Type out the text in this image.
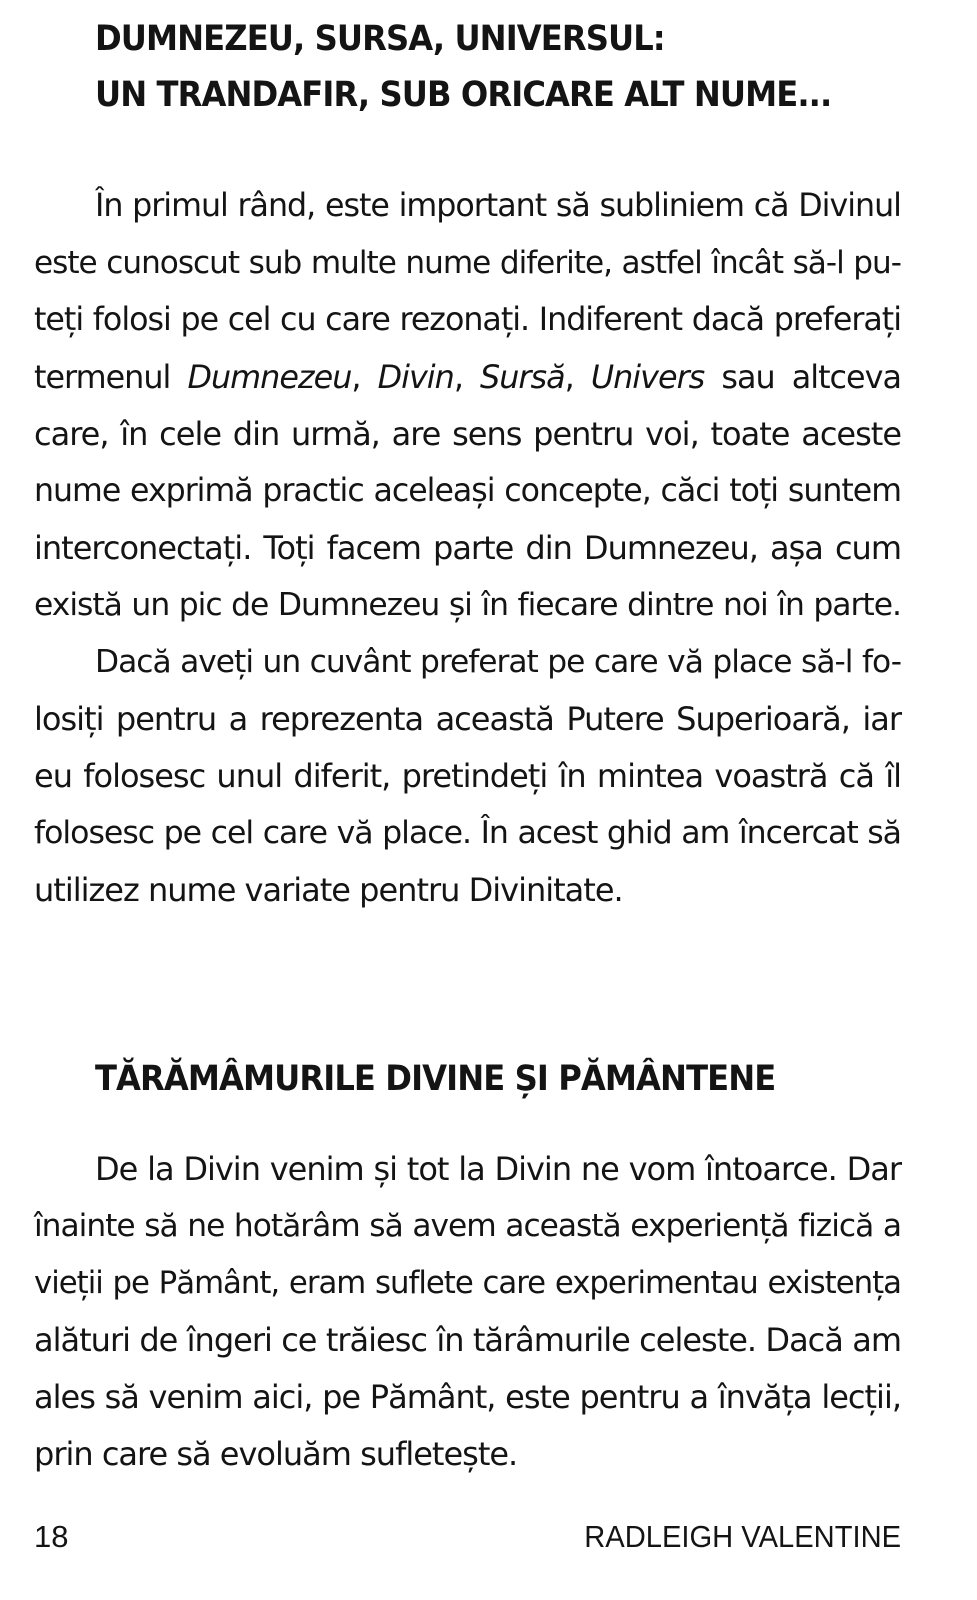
DUMNEZEU, SURSA, UNIVERSUL:
UN TRANDAFIR, SUB ORICARE ALT NUME...
În primul rând, este important să subliniem că Divinul
este cunoscut sub multe nume diferite, astfel încât să-l pu-
teți folosi pe cel cu care rezonați. Indiferent dacă preferați
termenul Dumnezeu, Divin, Sursă, Univers sau altceva
care, în cele din urmă, are sens pentru voi, toate aceste
nume exprimă practic aceleași concepte, căci toți suntem
interconectați. Toți facem parte din Dumnezeu, așa cum
există un pic de Dumnezeu și în fiecare dintre noi în parte.
Dacă aveți un cuvânt preferat pe care vă place să-l fo-
losiți pentru a reprezenta această Putere Superioară, iar
eu folosesc unul diferit, pretindeți în mintea voastră că îl
folosesc pe cel care vă place. În acest ghid am încercat să
utilizez nume variate pentru Divinitate.
TĂRĂMÂMURILE DIVINE ȘI PĂMÂNTENE
De la Divin venim și tot la Divin ne vom întoarce. Dar
înainte să ne hotărâm să avem această experiență fizică a
vieții pe Pământ, eram suflete care experimentau existența
alături de îngeri ce trăiesc în tărâmurile celeste. Dacă am
ales să venim aici, pe Pământ, este pentru a învăța lecții,
prin care să evoluăm sufletește.
18	RADLEIGH VALENTINE
